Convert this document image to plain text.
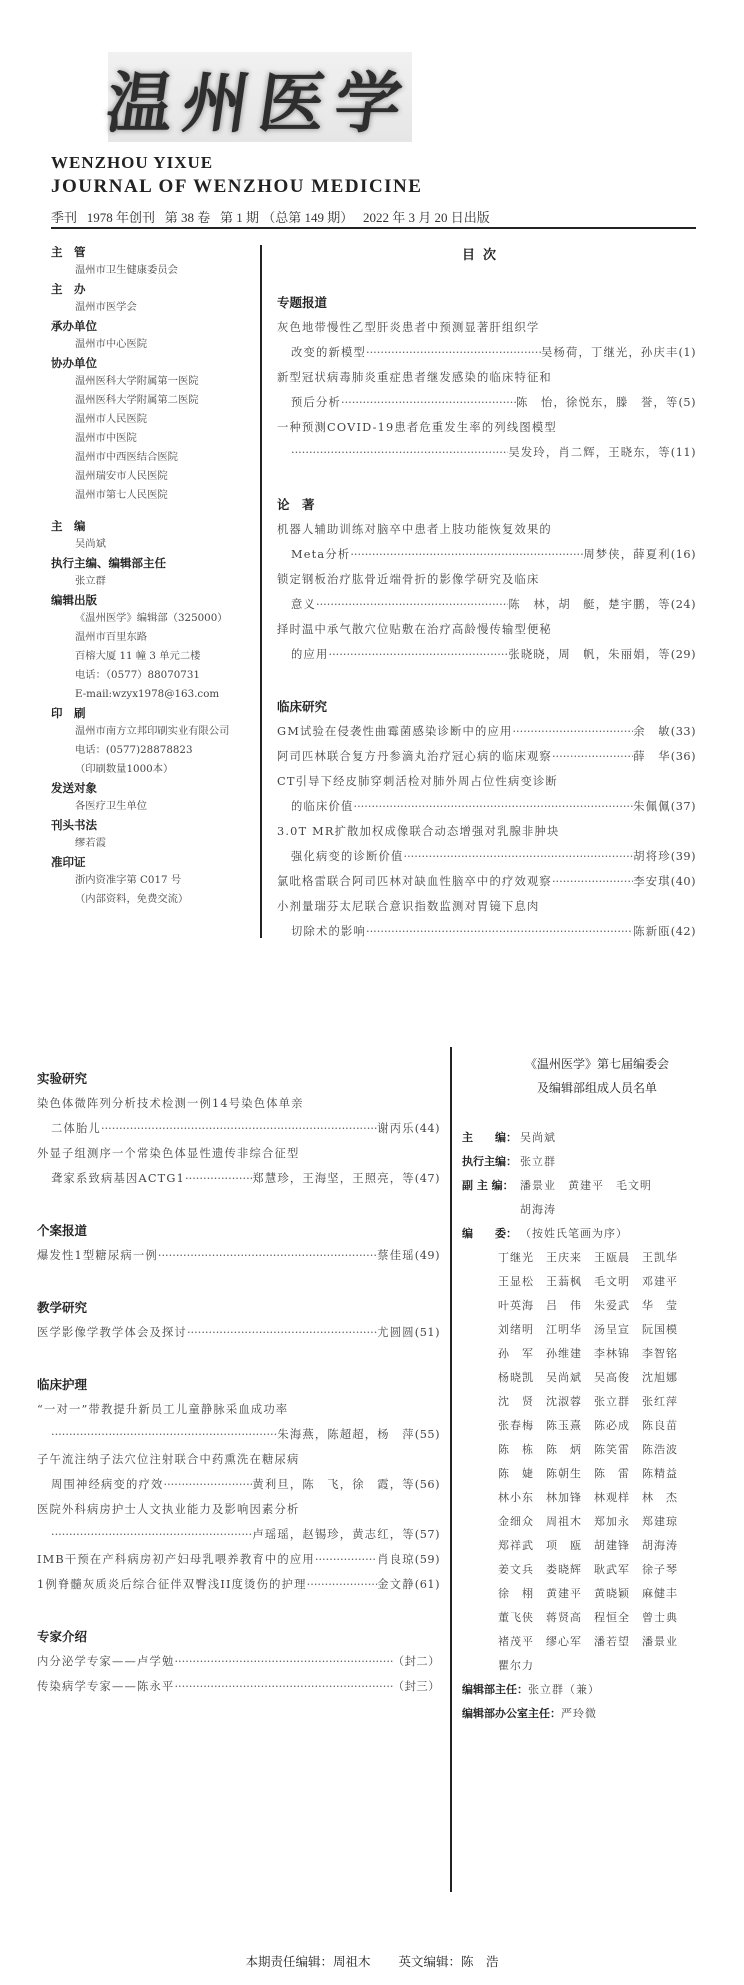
温州医学
WENZHOU YIXUE
JOURNAL OF WENZHOU MEDICINE
季刊   1978 年创刊   第 38 卷   第 1 期 （总第 149 期）   2022 年 3 月 20 日出版
主　管
温州市卫生健康委员会
主　办
温州市医学会
承办单位
温州市中心医院
协办单位
温州医科大学附属第一医院
温州医科大学附属第二医院
温州市人民医院
温州市中医院
温州市中西医结合医院
温州瑞安市人民医院
温州市第七人民医院
主　编
吴尚斌
执行主编、编辑部主任
张立群
编辑出版
《温州医学》编辑部（325000）
温州市百里东路
百榕大厦 11 幢 3 单元二楼
电话：（0577）88070731
E-mail:wzyx1978@163.com
印　刷
温州市南方立邦印刷实业有限公司
电话：(0577)28878823
（印刷数量1000本）
发送对象
各医疗卫生单位
刊头书法
缪若霞
准印证
浙内资准字第 C017 号
（内部资料，免费交流）
目次
专题报道
灰色地带慢性乙型肝炎患者中预测显著肝组织学
改变的新模型 ·····	吴杨荷，丁继光，孙庆丰 (1)
新型冠状病毒肺炎重症患者继发感染的临床特征和
预后分析 ·····	陈　怡，徐悦东，滕　誉，等 (5)
一种预测COVID-19患者危重发生率的列线图模型
·····
吴发玲，肖二辉，王晓东，等 (11)
论　著
机器人辅助训练对脑卒中患者上肢功能恢复效果的
Meta分析 ·····	周梦侠，薛夏利 (16)
锁定钢板治疗肱骨近端骨折的影像学研究及临床
意义 ·····	陈　林，胡　艇，楚宇鹏，等 (24)
择时温中承气散穴位贴敷在治疗高龄慢传输型便秘
的应用 ·····	张晓晓，周　帆，朱丽娟，等 (29)
临床研究
GM试验在侵袭性曲霉菌感染诊断中的应用 ·····	余　敏 (33)
阿司匹林联合复方丹参滴丸治疗冠心病的临床观察 ·····	薛　华 (36)
CT引导下经皮肺穿刺活检对肺外周占位性病变诊断
的临床价值 ·····	朱佩佩 (37)
3.0T MR扩散加权成像联合动态增强对乳腺非肿块
强化病变的诊断价值 ·····	胡将珍 (39)
氯吡格雷联合阿司匹林对缺血性脑卒中的疗效观察 ·····	李安琪 (40)
小剂量瑞芬太尼联合意识指数监测对胃镜下息肉
切除术的影响 ·····	陈新瓯 (42)
实验研究
染色体微阵列分析技术检测一例14号染色体单亲
二体胎儿 ·····	谢丙乐 (44)
外显子组测序一个常染色体显性遗传非综合征型
聋家系致病基因ACTG1 ·····	郑慧珍，王海坚，王照亮，等 (47)
个案报道
爆发性1型糖尿病一例 ·····	蔡佳瑶 (49)
教学研究
医学影像学教学体会及探讨 ·····	尤圆圆 (51)
临床护理
“一对一”带教提升新员工儿童静脉采血成功率
·····
朱海燕，陈超超，杨　萍 (55)
子午流注纳子法穴位注射联合中药熏洗在糖尿病
周围神经病变的疗效 ·····	黄利旦，陈　飞，徐　霞，等 (56)
医院外科病房护士人文执业能力及影响因素分析
·····
卢瑶瑶，赵锡珍，黄志红，等 (57)
IMB干预在产科病房初产妇母乳喂养教育中的应用 ·····	肖良琼 (59)
1例脊髓灰质炎后综合征伴双臀浅II度烫伤的护理 ·····	金文静 (61)
专家介绍
内分泌学专家——卢学勉 ·····	（封二）
传染病学专家——陈永平 ·····	（封三）
《温州医学》第七届编委会
及编辑部组成人员名单
主　　编： 吴尚斌
执行主编： 张立群
副 主 编： 潘景业　黄建平　毛文明
胡海涛
编　　委： （按姓氏笔画为序）
丁继光	王庆来	王瓯晨	王凯华
王显松	王蓊枫	毛文明	邓建平
叶英海	吕　伟	朱爱武	华　莹
刘绪明	江明华	汤呈宣	阮国模
孙　军	孙维建	李林锦	李智铭
杨晓凯	吴尚斌	吴高俊	沈旭娜
沈　贤	沈淑蓉	张立群	张红萍
张春梅	陈玉熹	陈必成	陈良苗
陈　栋	陈　炳	陈笑雷	陈浩波
陈　婕	陈朝生	陈　雷	陈精益
林小东	林加锋	林观样	林　杰
金细众	周祖木	郑加永	郑建琼
郑祥武	项　瓯	胡建锋	胡海涛
姜文兵	娄晓辉	耿武军	徐子琴
徐　栩	黄建平	黄晓颖	麻健丰
董飞侠	蒋贤高	程恒全	曾士典
褚茂平	缪心军	潘若望	潘景业
瞿尔力
编辑部主任： 张立群（兼）
编辑部办公室主任： 严玲微
本期责任编辑：周祖木 英文编辑：陈　浩
